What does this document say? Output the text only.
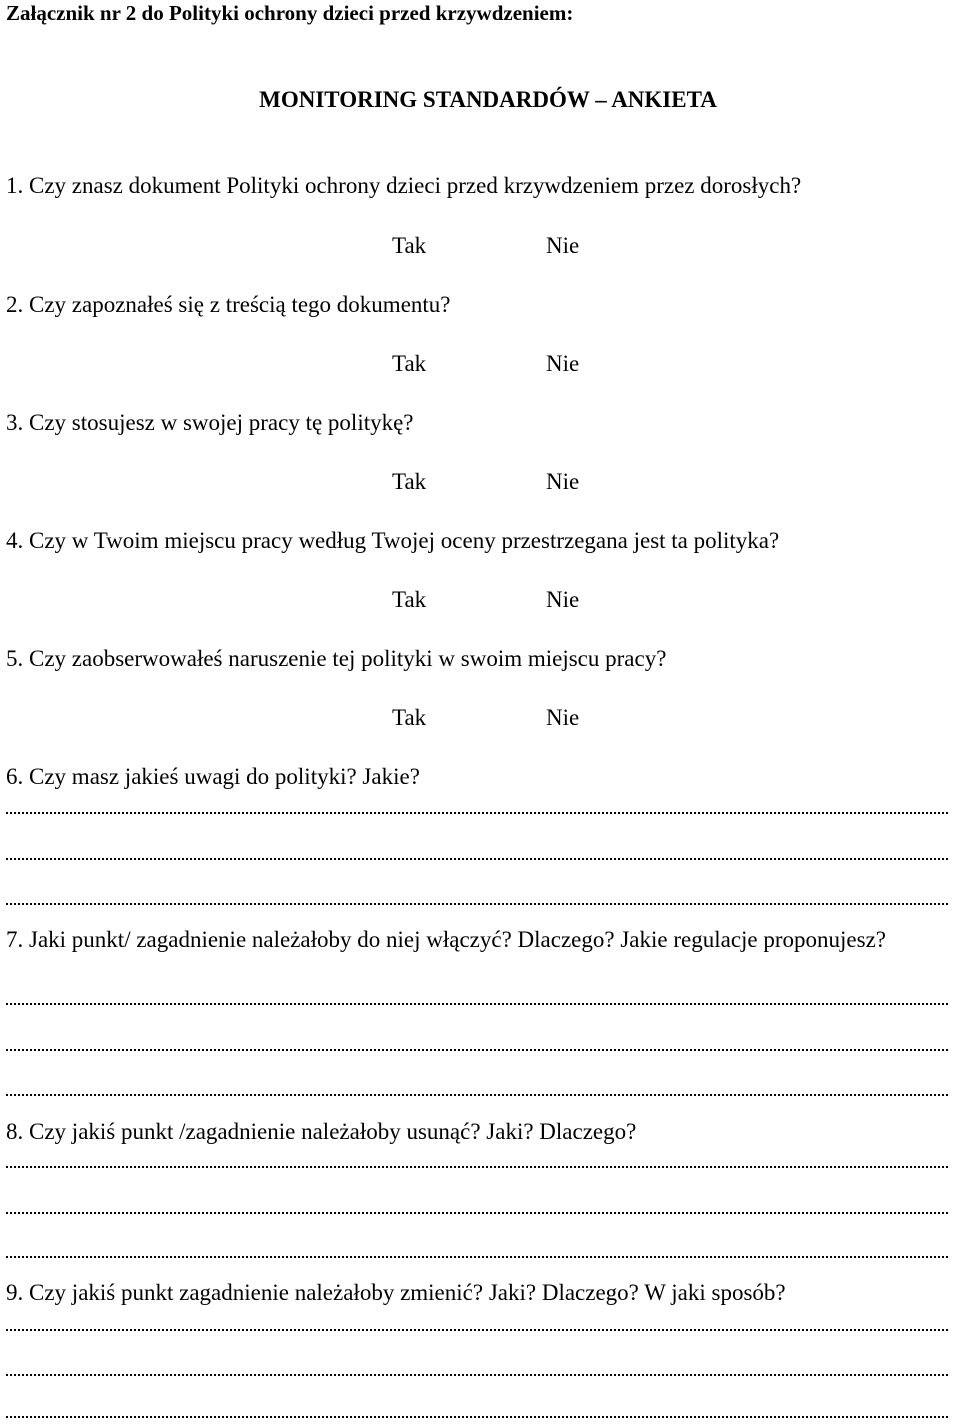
Załącznik nr 2 do Polityki ochrony dzieci przed krzywdzeniem:
MONITORING STANDARDÓW – ANKIETA
1. Czy znasz dokument Polityki ochrony dzieci przed krzywdzeniem przez dorosłych?
Tak	Nie
2. Czy zapoznałeś się z treścią tego dokumentu?
Tak	Nie
3. Czy stosujesz w swojej pracy tę politykę?
Tak	Nie
4. Czy w Twoim miejscu pracy według Twojej oceny przestrzegana jest ta polityka?
Tak	Nie
5. Czy zaobserwowałeś naruszenie tej polityki w swoim miejscu pracy?
Tak	Nie
6. Czy masz jakieś uwagi do polityki? Jakie?
7. Jaki punkt/ zagadnienie należałoby do niej włączyć? Dlaczego? Jakie regulacje proponujesz?
8. Czy jakiś punkt /zagadnienie należałoby usunąć? Jaki? Dlaczego?
9. Czy jakiś punkt zagadnienie należałoby zmienić? Jaki? Dlaczego? W jaki sposób?
